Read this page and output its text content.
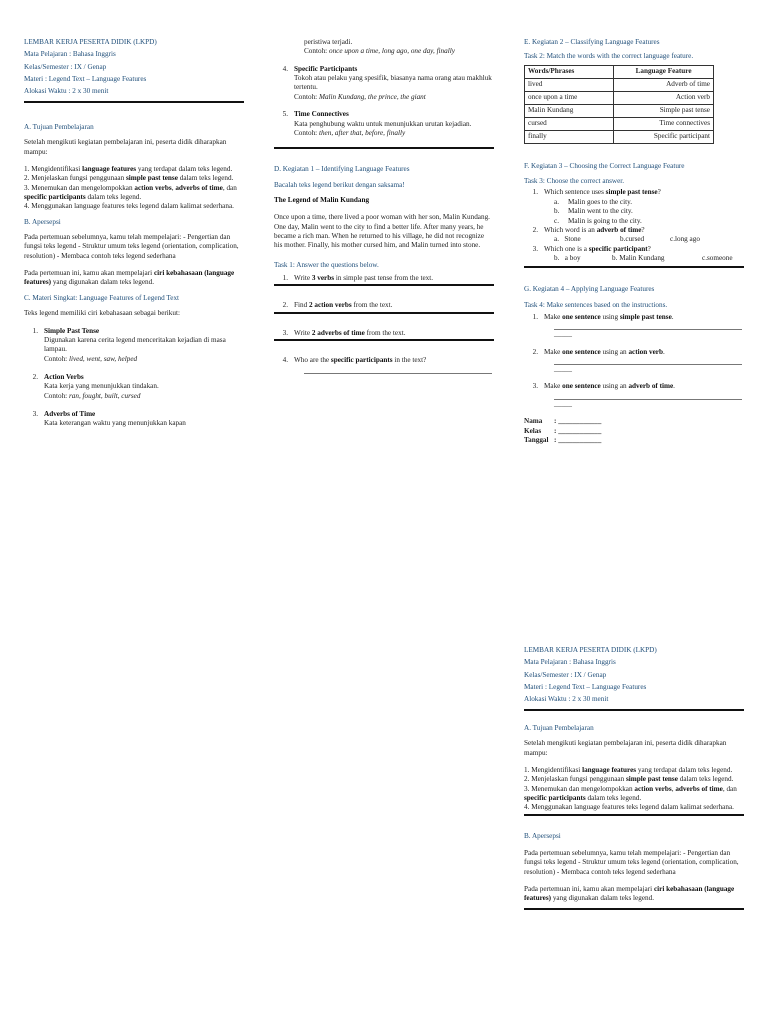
LEMBAR KERJA PESERTA DIDIK (LKPD)

Mata Pelajaran : Bahasa Inggris

Kelas/Semester : IX / Genap

Materi : Legend Text – Language Features

Alokasi Waktu : 2 x 30 menit

A. Tujuan Pembelajaran

Setelah mengikuti kegiatan pembelajaran ini, peserta didik diharapkan mampu:

1. Mengidentifikasi language features yang terdapat dalam teks legend.

2. Menjelaskan fungsi penggunaan simple past tense dalam teks legend.

3. Menemukan dan mengelompokkan action verbs, adverbs of time, dan specific participants dalam teks legend.

4. Menggunakan language features teks legend dalam kalimat sederhana.

B. Apersepsi

Pada pertemuan sebelumnya, kamu telah mempelajari: - Pengertian dan fungsi teks legend - Struktur umum teks legend (orientation, complication, resolution) - Membaca contoh teks legend sederhana

Pada pertemuan ini, kamu akan mempelajari ciri kebahasaan (language features) yang digunakan dalam teks legend.

C. Materi Singkat: Language Features of Legend Text

Teks legend memiliki ciri kebahasaan sebagai berikut:

1. Simple Past Tense

Digunakan karena cerita legend menceritakan kejadian di masa lampau.

Contoh: lived, went, saw, helped

2. Action Verbs

Kata kerja yang menunjukkan tindakan.

Contoh: ran, fought, built, cursed

3. Adverbs of Time

Kata keterangan waktu yang menunjukkan kapan

peristiwa terjadi.

Contoh: once upon a time, long ago, one day, finally

4. Specific Participants

Tokoh atau pelaku yang spesifik, biasanya nama orang atau makhluk tertentu.

Contoh: Malin Kundang, the prince, the giant

5. Time Connectives

Kata penghubung waktu untuk menunjukkan urutan kejadian.

Contoh: then, after that, before, finally

D. Kegiatan 1 – Identifying Language Features

Bacalah teks legend berikut dengan saksama!

The Legend of Malin Kundang

Once upon a time, there lived a poor woman with her son, Malin Kundang. One day, Malin went to the city to find a better life. After many years, he became a rich man. When he returned to his village, he did not recognize his mother. Finally, his mother cursed him, and Malin turned into stone.

Task 1: Answer the questions below.

1. Write 3 verbs in simple past tense from the text.

2. Find 2 action verbs from the text.

3. Write 2 adverbs of time from the text.

4. Who are the specific participants in the text?

E. Kegiatan 2 – Classifying Language Features

Task 2: Match the words with the correct language feature.

Words/Phrases	Language Feature
lived	Adverb of time
once upon a time	Action verb
Malin Kundang	Simple past tense
cursed	Time connectives
finally	Specific participant

F. Kegiatan 3 – Choosing the Correct Language Feature

Task 3: Choose the correct answer.

1. Which sentence uses simple past tense?

a. Malin goes to the city.

b. Malin went to the city.

c. Malin is going to the city.

2. Which word is an adverb of time?

a.   Stone	b.cursed	c.long ago
3. Which one is a specific participant?

b.   a boy	b. Malin Kundang	c.someone

G. Kegiatan 4 – Applying Language Features

Task 4: Make sentences based on the instructions.

1. Make one sentence using simple past tense.

_____

2. Make one sentence using an action verb.

_____

3. Make one sentence using an adverb of time.

_____

Nama : ____________

Kelas : ____________

Tanggal : ____________

LEMBAR KERJA PESERTA DIDIK (LKPD)

Mata Pelajaran : Bahasa Inggris

Kelas/Semester : IX / Genap

Materi : Legend Text – Language Features

Alokasi Waktu : 2 x 30 menit

A. Tujuan Pembelajaran

Setelah mengikuti kegiatan pembelajaran ini, peserta didik diharapkan mampu:

1. Mengidentifikasi language features yang terdapat dalam teks legend.

2. Menjelaskan fungsi penggunaan simple past tense dalam teks legend.

3. Menemukan dan mengelompokkan action verbs, adverbs of time, dan specific participants dalam teks legend.

4. Menggunakan language features teks legend dalam kalimat sederhana.

B. Apersepsi

Pada pertemuan sebelumnya, kamu telah mempelajari: - Pengertian dan fungsi teks legend - Struktur umum teks legend (orientation, complication, resolution) - Membaca contoh teks legend sederhana

Pada pertemuan ini, kamu akan mempelajari ciri kebahasaan (language features) yang digunakan dalam teks legend.
